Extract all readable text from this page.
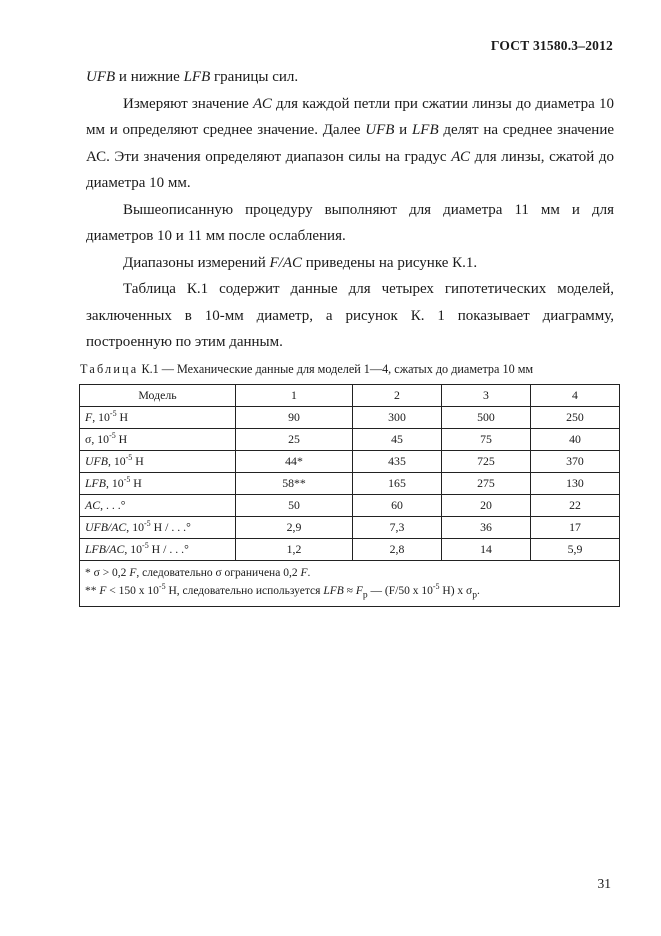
ГОСТ 31580.3–2012

UFB и нижние LFB границы сил.

Измеряют значение АС для каждой петли при сжатии линзы до диаметра 10 мм и определяют среднее значение. Далее UFB и LFB делят на среднее значение АС. Эти значения определяют диапазон силы на градус АС для линзы, сжатой до диаметра 10 мм.

Вышеописанную процедуру выполняют для диаметра 11 мм и для диаметров 10 и 11 мм после ослабления.

Диапазоны измерений F/AC приведены на рисунке К.1.

Таблица К.1 содержит данные для четырех гипотетических моделей, заключенных в 10-мм диаметр, а рисунок К. 1 показывает диаграмму, построенную по этим данным.

Таблица К.1 — Механические данные для моделей 1—4, сжатых до диаметра 10 мм
Модель	1	2	3	4
F, $10^{-5}$ Н	90	300	500	250
σ, $10^{-5}$ Н	25	45	75	40
UFB, $10^{-5}$ Н	44*	435	725	370
LFB, $10^{-5}$ Н	58**	165	275	130
AC, . . .°	50	60	20	22
UFB/AC, $10^{-5}$ Н / . . .°	2,9	7,3	36	17
LFB/AC, $10^{-5}$ Н / . . .°	1,2	2,8	14	5,9

* σ > 0,2 F, следовательно σ ограничена 0,2 F.
** F < 150 x $10^{-5}$ Н, следовательно используется LFB ≈ $F_p$ — (F/50 x $10^{-5}$ Н) x $\sigma_p$.				
31
